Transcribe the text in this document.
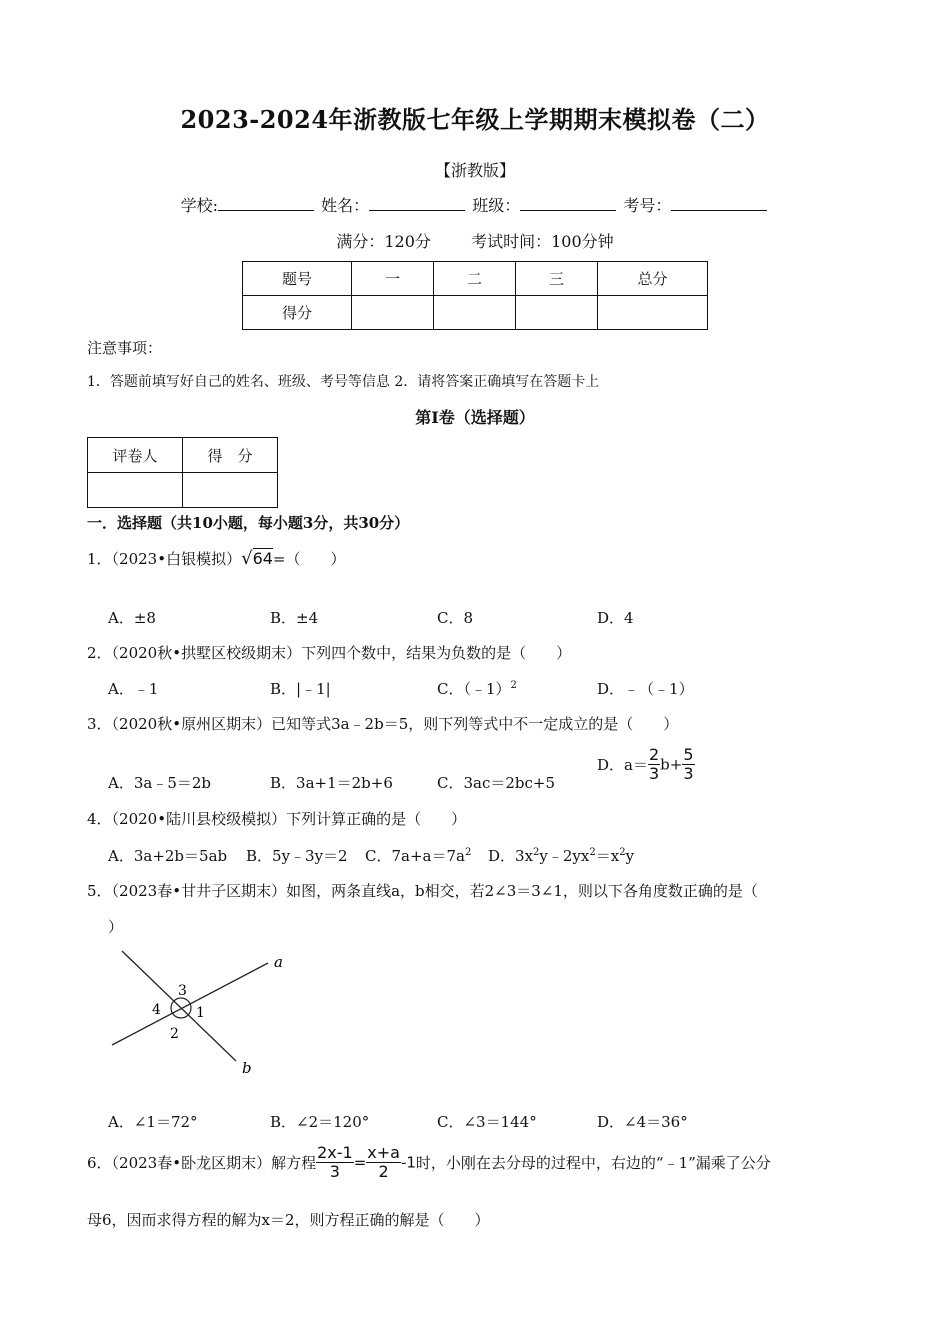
2023-2024年浙教版七年级上学期期末模拟卷（二）
【浙教版】
学校:	姓名：	班级：	考号：
满分：120分	考试时间：100分钟
题号	一	二	三	总分
得分				
注意事项：
1．答题前填写好自己的姓名、班级、考号等信息 2．请将答案正确填写在答题卡上
第Ⅰ卷（选择题）
评卷人	得　分

一．选择题（共10小题，每小题3分，共30分）
1．（2023•白银模拟）√64=（　　）
A．±8	B．±4	C．8	D．4
2．（2020秋•拱墅区校级期末）下列四个数中，结果为负数的是（　　）
A．﹣1	B．|﹣1|	C．（﹣1）$^2$	D．﹣（﹣1）
3．（2020秋•原州区期末）已知等式3a﹣2b＝5，则下列等式中不一定成立的是（　　）
A．3a﹣5＝2b	B．3a+1＝2b+6	C．3ac＝2bc+5
D．$a= \frac{2}{3} b+ \frac{5}{3}$
4．（2020•陆川县校级模拟）下列计算正确的是（　　）
A．3a+2b＝5ab B．5y﹣3y＝2 C．$7a+a=7a^2$ D．$3x^2y﹣2yx^2=x^2y$
5．（2023春•甘井子区期末）如图，两条直线a，b相交，若2∠3＝3∠1，则以下各角度数正确的是（
）
a
b
1
2
3
4
A．∠1＝72°	B．∠2＝120°	C．∠3＝144°	D．∠4＝36°
6．（2023春•卧龙区期末）解方程 $\frac{2x-1}{3} = \frac{x+a}{2} -1$时，小刚在去分母的过程中，右边的“﹣1”漏乘了公分
母6，因而求得方程的解为x＝2，则方程正确的解是（　　）
